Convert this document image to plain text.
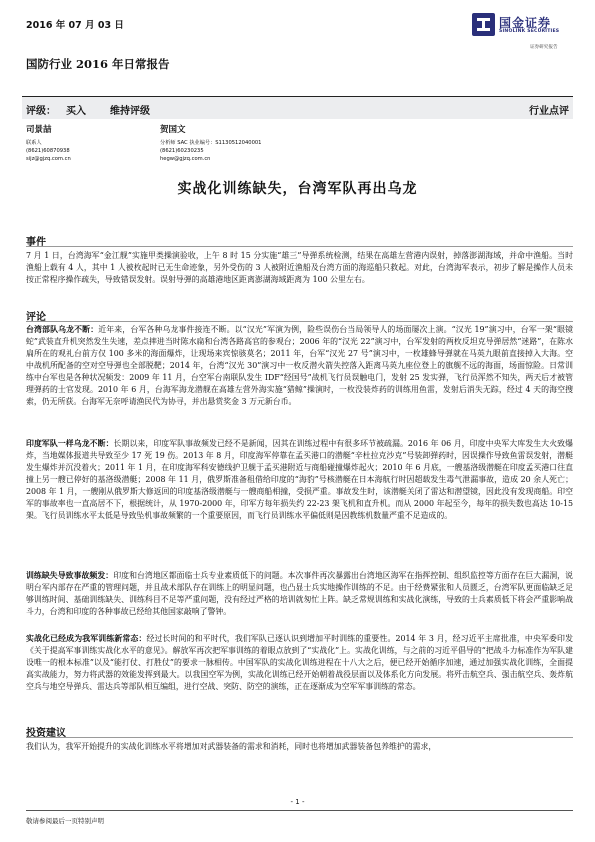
2016 年 07 月 03 日	国金证券
SINOLINK SECURITIES
证券研究报告
国防行业 2016 年日常报告
评级： 买入 维持评级	行业点评
司景喆
联系人
(8621)60870938
sijz@gjzq.com.cn
贺国文
分析师 SAC 执业编号：S1130512040001
(8621)60230235
hegw@gjzq.com.cn
实战化训练缺失，台湾军队再出乌龙
事件
7 月 1 日，台湾海军“金江舰”实施甲类操演验收，上午 8 时 15 分实施“雄三”导弹系统检测，结果在高雄左营港内误射，掉落澎湖海域，并命中渔船。当时渔船上载有 4 人，其中 1 人被枚起时已无生命迹象，另外受伤的 3 人被附近渔船及台湾方面的海巡船只救起。对此，台湾海军表示，初步了解是操作人员未按正常程序操作疏失，导致错误发射。误射导弹的高雄港地区距离澎湖海域距离为 100 公里左右。
评论
台湾部队乌龙不断：近年来，台军各种乌龙事件接连不断。以“汉光”军演为例，险些误伤台当局领导人的场面屡次上演。“汉光 19”演习中，台军一架“眼镜蛇”武装直升机突然发生失速，差点摔进当时陈水扁和台湾各路高官的参观台；2006 年的“汉光 22”演习中，台军发射的两枚反坦克导弹居然“迷路”，在陈水扁所在的观礼台前方仅 100 多米的海面爆炸，让现场来宾惊骇莫名；2011 年，台军“汉光 27 号”演习中，一枚雄蜂导弹就在马英九眼前直接掉入大海。空中战机所配备的空对空导弹也全部脱靶；2014 年，台湾“汉光 30”演习中一枚反潜火箭失控落入距离马英九座位登上的旗舰不远的海面，场面惊险。日常训练中台军也是各种状况频发：2009 年 11 月，台空军台南联队发生 IDF“经国号”战机飞行员误触电门，发射 25 发实弹，飞行员浑然不知失，两天后才被管理弹药的士官发现。2010 年 6 月，台海军海龙潜舰在高雄左营外海实施“猎鲸”操演时，一枚没装炸药的训练用鱼雷，发射后消失无踪，经过 4 天的海空搜索，仍无所获。台海军无奈呼请渔民代为协寻，并出悬赏奖金 3 万元新台币。
印度军队一样乌龙不断：长期以来，印度军队事故频发已经不是新闻，因其在训练过程中有很多环节被疏漏。2016 年 06 月，印度中央军大库发生大火致爆炸，当地媒体报道共导致至少 17 死 19 伤。2013 年 8 月，印度海军停靠在孟买港口的潜艇“辛杜拉克沙克”号装卸弹药时，因误操作导致鱼雷误发射，潜艇发生爆炸并沉没着火；2011 年 1 月，在印度海军科安德线护卫舰于孟买港附近与商船碰撞爆炸起火；2010 年 6 月底，一艘基洛级潜艇在印度孟买港口往直撞上另一艘已停好的基洛级潜艇；2008 年 11 月，俄罗斯准备租借给印度的“海豹”号核潜艇在日本海航行时因超载发生毒气泄漏事故，造成 20 余人死亡；2008 年 1 月，一艘刚从俄罗斯大修返回的印度基洛级潜艇与一艘商船相撞，受损严重。事故发生时，该潜艇关闭了雷达和潜望镜，因此没有发现商船。印空军的事故率也一直高居不下，根据统计，从 1970-2000 年，印军方每年损失约 22-23 架飞机和直升机。而从 2000 年起至今，每年的损失数也高达 10-15 架。飞行员训练水平太低是导致坠机事故频繁的一个重要原因，而飞行员训练水平偏低则是因教练机数量严重不足造成的。
训练缺失导致事故频发：印度和台湾地区都面临士兵专业素质低下的问题。本次事件再次暴露出台湾地区海军在指挥控制、组织监控等方面存在巨大漏洞，说明台军内部存在严重的管理问题，并且战术部队存在训练上的明显问题，也凸显士兵实地操作训练的不足。由于经费紧张和人员匮乏，台湾军队更面临缺乏足够训练时间、基础训练缺失、训练科目不足等严重问题，没有经过严格的培训就匆忙上阵。缺乏常规训练和实战化演练，导致的士兵素质低下将会严重影响战斗力，台湾和印度的各种事故已经给其他国家敲响了警钟。
实战化已经成为我军训练新常态：经过长时间的和平时代，我们军队已逐认识到增加平时训练的重要性。2014 年 3 月，经习近平主席批准，中央军委印发《关于提高军事训练实战化水平的意见》。解放军再次把军事训练的着眼点放到了“实战化”上。实战化训练，与之前的习近平倡导的“把战斗力标准作为军队建设唯一的根本标准”以及“能打仗、打胜仗”的要求一脉相传。中国军队的实战化训练进程在十八大之后，便已经开始循序加速，通过加强实战化训练，全面提高实战能力，努力将武器的效能发挥到最大。以我国空军为例，实战化训练已经开始朝着战役层面以及体系化方向发展。将歼击航空兵、强击航空兵、轰炸航空兵与地空导弹兵、雷达兵等部队相互编组，进行空战、突防、防空的演练，正在逐渐成为空军军事训练的常态。
投资建议
我们认为，我军开始提升的实战化训练水平将增加对武器装备的需求和消耗，同时也将增加武器装备包养维护的需求，
- 1 -
敬请参阅最后一页特别声明
